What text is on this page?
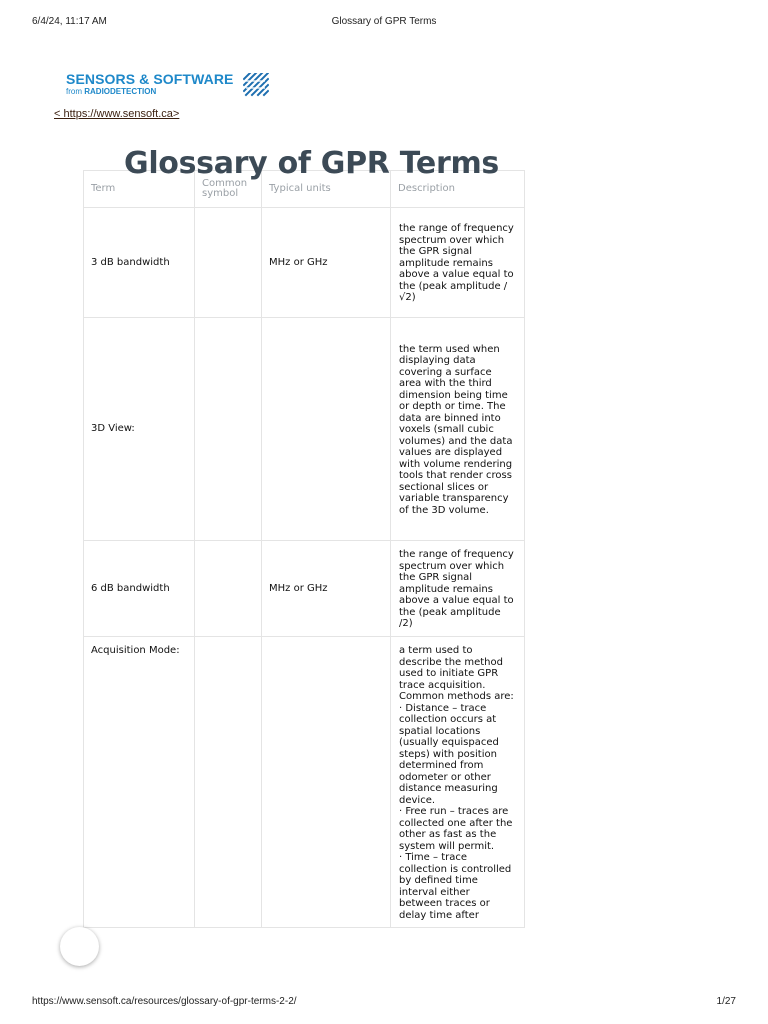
6/4/24, 11:17 AM	Glossary of GPR Terms
SENSORS & SOFTWARE
from RADIODETECTION
< https://www.sensoft.ca>
Glossary of GPR Terms
Term	Common symbol	Typical units	Description
3 dB bandwidth		MHz or GHz	the range of frequency spectrum over which the GPR signal amplitude remains above a value equal to the (peak amplitude / √2)
3D View:			the term used when displaying data covering a surface area with the third dimension being time or depth or time. The data are binned into voxels (small cubic volumes) and the data values are displayed with volume rendering tools that render cross sectional slices or variable transparency of the 3D volume.
6 dB bandwidth		MHz or GHz	the range of frequency spectrum over which the GPR signal amplitude remains above a value equal to the (peak amplitude /2)
Acquisition Mode:			a term used to describe the method used to initiate GPR trace acquisition. Common methods are:
· Distance – trace collection occurs at spatial locations (usually equispaced steps) with position determined from odometer or other distance measuring device.
· Free run – traces are collected one after the other as fast as the system will permit.
· Time – trace collection is controlled by defined time interval either between traces or delay time after
https://www.sensoft.ca/resources/glossary-of-gpr-terms-2-2/	1/27
